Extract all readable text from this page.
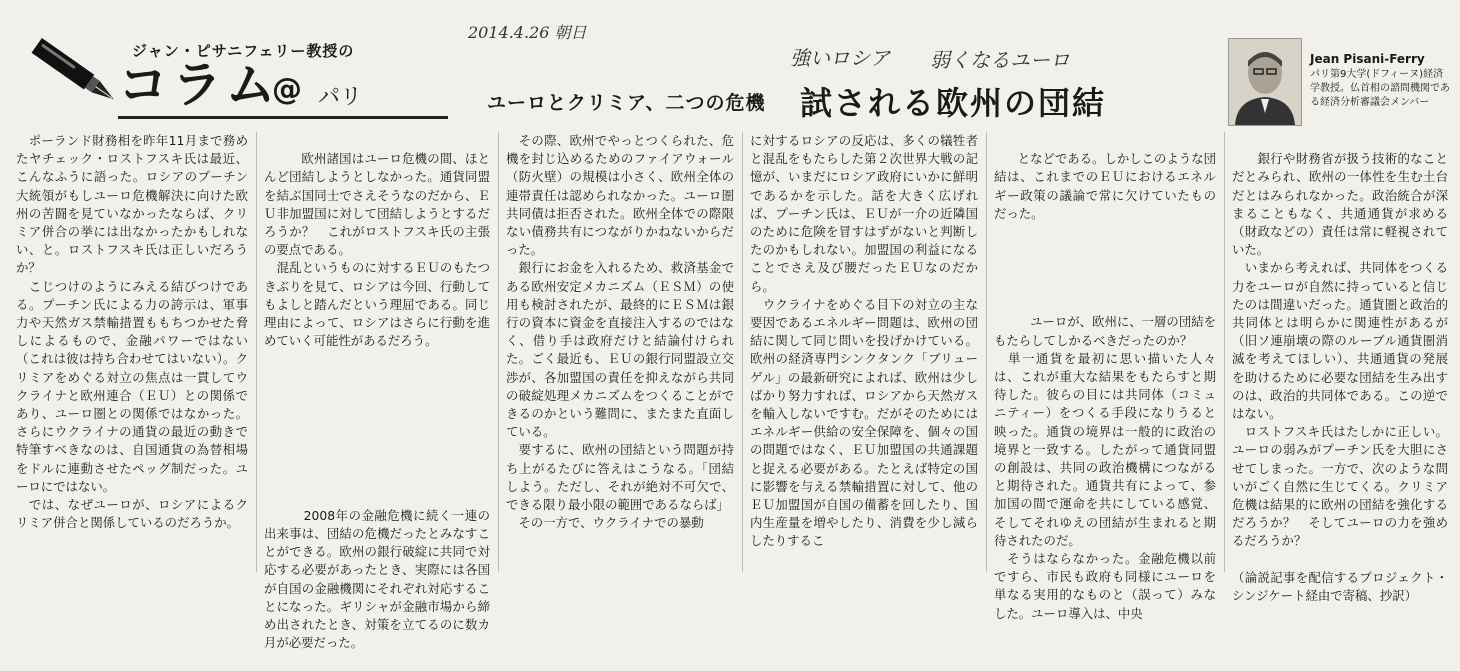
ジャン・ピサニフェリー教授の
コラム
@ パリ
2014.4.26 朝日
強いロシア 弱くなるユーロ
ユーロとクリミア、二つの危機 試される欧州の団結
Jean Pisani-Ferry
パリ第9大学(ドフィーヌ)経済学教授。仏首相の諮問機関である経済分析審議会メンバー
　ポーランド財務相を昨年11月まで務めたヤチェック・ロストフスキ氏は最近、こんなふうに語った。ロシアのプーチン大統領がもしユーロ危機解決に向けた欧州の苦闘を見ていなかったならば、クリミア併合の挙には出なかったかもしれない、と。ロストフスキ氏は正しいだろうか？
　こじつけのようにみえる結びつけである。プーチン氏による力の誇示は、軍事力や天然ガス禁輸措置ももちつかせた脅しによるもので、金融パワーではない（これは彼は持ち合わせてはいない）。クリミアをめぐる対立の焦点は一貫してウクライナと欧州連合（ＥＵ）との関係であり、ユーロ圏との関係ではなかった。さらにウクライナの通貨の最近の動きで特筆すべきなのは、自国通貨の為替相場をドルに連動させたペッグ制だった。ユーロにではない。
　では、なぜユーロが、ロシアによるクリミア併合と関係しているのだろうか。

　欧州諸国はユーロ危機の間、ほとんど団結しようとしなかった。通貨同盟を結ぶ国同士でさえそうなのだから、ＥＵ非加盟国に対して団結しようとするだろうか？　これがロストフスキ氏の主張の要点である。
　混乱というものに対するＥＵのもたつきぶりを見て、ロシアは今回、行動してもよしと踏んだという理屈である。同じ理由によって、ロシアはさらに行動を進めていく可能性があるだろう。

　2008年の金融危機に続く一連の出来事は、団結の危機だったとみなすことができる。欧州の銀行破綻に共同で対応する必要があったとき、実際には各国が自国の金融機関にそれぞれ対応することになった。ギリシャが金融市場から締め出されたとき、対策を立てるのに数カ月が必要だった。

　その際、欧州でやっとつくられた、危機を封じ込めるためのファイアウォール（防火壁）の規模は小さく、欧州全体の連帯責任は認められなかった。ユーロ圏共同債は拒否された。欧州全体での際限ない債務共有につながりかねないからだった。
　銀行にお金を入れるため、救済基金である欧州安定メカニズム（ＥＳＭ）の使用も検討されたが、最終的にＥＳＭは銀行の資本に資金を直接注入するのではなく、借り手は政府だけと結論付けられた。ごく最近も、ＥＵの銀行同盟設立交渉が、各加盟国の責任を抑えながら共同の破綻処理メカニズムをつくることができるのかという難問に、またまた直面している。
　要するに、欧州の団結という問題が持ち上がるたびに答えはこうなる。「団結しよう。ただし、それが絶対不可欠で、できる限り最小限の範囲であるならば」
　その一方で、ウクライナでの暴動
に対するロシアの反応は、多くの犠牲者と混乱をもたらした第２次世界大戦の記憶が、いまだにロシア政府にいかに鮮明であるかを示した。話を大きく広げれば、プーチン氏は、ＥＵが一介の近隣国のために危険を冒すはずがないと判断したのかもしれない。加盟国の利益になることでさえ及び腰だったＥＵなのだから。
　ウクライナをめぐる目下の対立の主な要因であるエネルギー問題は、欧州の団結に関して同じ問いを投げかけている。欧州の経済専門シンクタンク「ブリューゲル」の最新研究によれば、欧州は少しばかり努力すれば、ロシアから天然ガスを輸入しないですむ。だがそのためにはエネルギー供給の安全保障を、個々の国の問題ではなく、ＥＵ加盟国の共通課題と捉える必要がある。たとえば特定の国に影響を与える禁輸措置に対して、他のＥＵ加盟国が自国の備蓄を回したり、国内生産量を増やしたり、消費を少し減らしたりするこ

となどである。しかしこのような団結は、これまでのＥＵにおけるエネルギー政策の議論で常に欠けていたものだった。

　ユーロが、欧州に、一層の団結をもたらしてしかるべきだったのか？
　単一通貨を最初に思い描いた人々は、これが重大な結果をもたらすと期待した。彼らの目には共同体（コミュニティー）をつくる手段になりうると映った。通貨の境界は一般的に政治の境界と一致する。したがって通貨同盟の創設は、共同の政治機構につながると期待された。通貨共有によって、参加国の間で運命を共にしている感覚、そしてそれゆえの団結が生まれると期待されたのだ。
　そうはならなかった。金融危機以前ですら、市民も政府も同様にユーロを単なる実用的なものと（誤って）みなした。ユーロ導入は、中央

銀行や財務省が扱う技術的なことだとみられ、欧州の一体性を生む土台だとはみられなかった。政治統合が深まることもなく、共通通貨が求める（財政などの）責任は常に軽視されていた。
　いまから考えれば、共同体をつくる力をユーロが自然に持っていると信じたのは間違いだった。通貨圏と政治的共同体とは明らかに関連性があるが（旧ソ連崩壊の際のルーブル通貨圏消滅を考えてほしい）、共通通貨の発展を助けるために必要な団結を生み出すのは、政治的共同体である。この逆ではない。
　ロストフスキ氏はたしかに正しい。ユーロの弱みがプーチン氏を大胆にさせてしまった。一方で、次のような問いがごく自然に生じてくる。クリミア危機は結果的に欧州の団結を強化するだろうか？　そしてユーロの力を強めるだろうか？

（論説記事を配信するプロジェクト・シンジケート経由で寄稿、抄訳）
